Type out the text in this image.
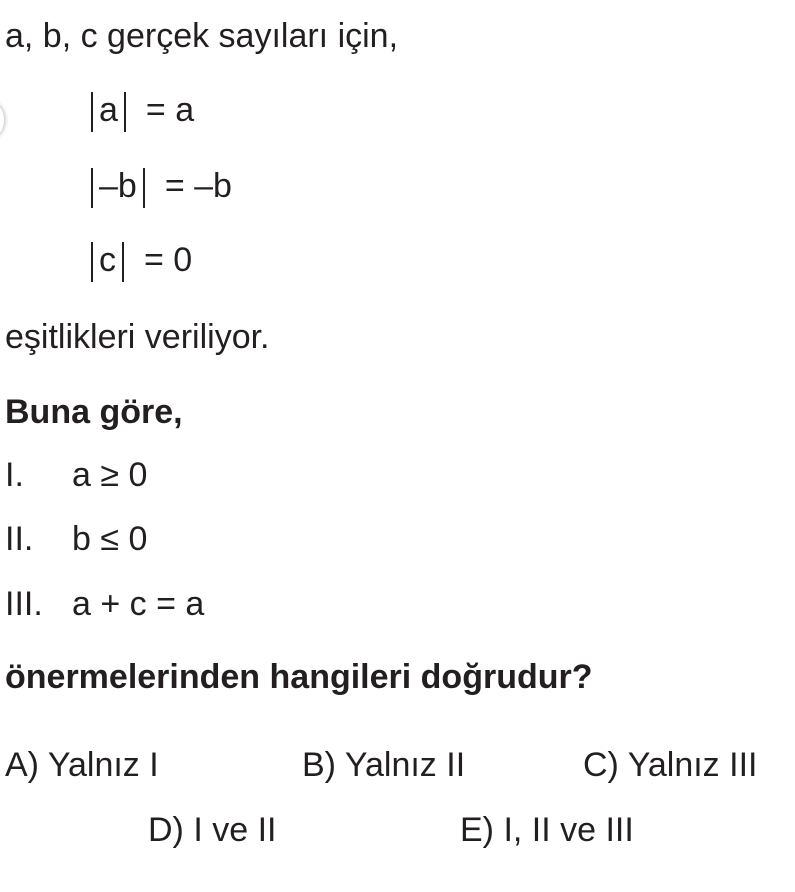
a, b, c gerçek sayıları için,
a = a
–b = –b
c = 0
eşitlikleri veriliyor.
Buna göre,
I.	a ≥ 0
II.	b ≤ 0
III. a + c = a
önermelerinden hangileri doğrudur?
A) Yalnız I	B) Yalnız II	C) Yalnız III
D) I ve II	E) I, II ve III
